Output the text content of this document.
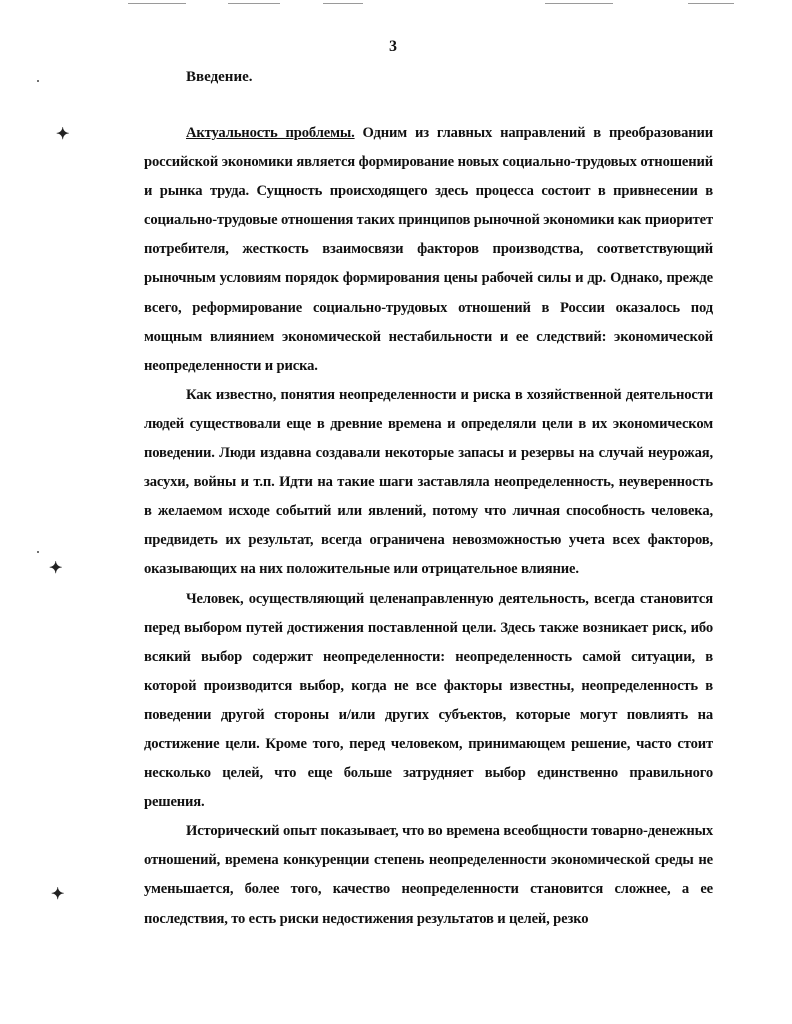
3
Введение.
✦
✦
✦

Актуальность проблемы. Одним из главных направлений в преобразовании российской экономики является формирование новых социально-трудовых отношений и рынка труда. Сущность происходящего здесь процесса состоит в привнесении в социально-трудовые отношения таких принципов рыночной экономики как приоритет потребителя, жесткость взаимосвязи факторов производства, соответствующий рыночным условиям порядок формирования цены рабочей силы и др. Однако, прежде всего, реформирование социально-трудовых отношений в России оказалось под мощным влиянием экономической нестабильности и ее следствий: экономической неопределенности и риска.

Как известно, понятия неопределенности и риска в хозяйственной деятельности людей существовали еще в древние времена и определяли цели в их экономическом поведении. Люди издавна создавали некоторые запасы и резервы на случай неурожая, засухи, войны и т.п. Идти на такие шаги заставляла неопределенность, неуверенность в желаемом исходе событий или явлений, потому что личная способность человека, предвидеть их результат, всегда ограничена невозможностью учета всех факторов, оказывающих на них положительные или отрицательное влияние.

Человек, осуществляющий целенаправленную деятельность, всегда становится перед выбором путей достижения поставленной цели. Здесь также возникает риск, ибо всякий выбор содержит неопределенности: неопределенность самой ситуации, в которой производится выбор, когда не все факторы известны, неопределенность в поведении другой стороны и/или других субъектов, которые могут повлиять на достижение цели. Кроме того, перед человеком, принимающем решение, часто стоит несколько целей, что еще больше затрудняет выбор единственно правильного решения.

Исторический опыт показывает, что во времена всеобщности товарно-денежных отношений, времена конкуренции степень неопределенности экономической среды не уменьшается, более того, качество неопределенности становится сложнее, а ее последствия, то есть риски недостижения результатов и целей, резко
